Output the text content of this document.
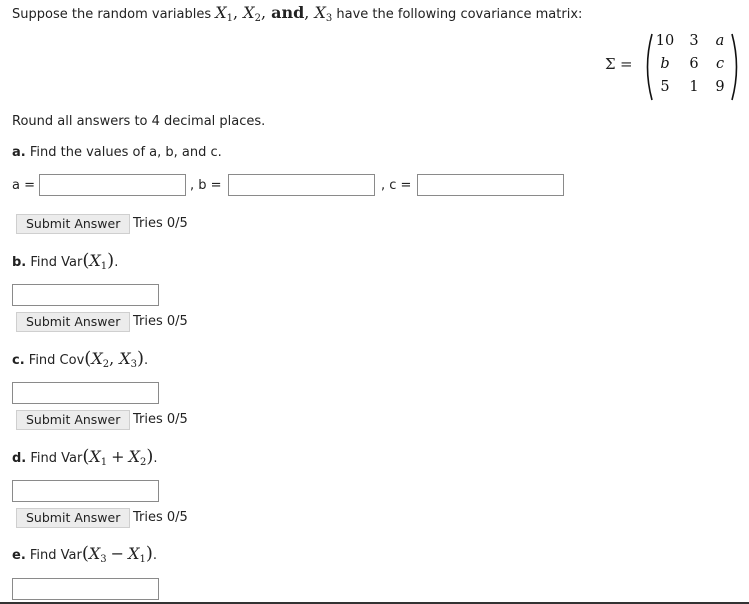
Suppose the random variables $X_1$, $X_2$, and, $X_3$ have the following covariance matrix:
Σ =
10	3	a
b	6	c
5	1	9
Round all answers to 4 decimal places.
a. Find the values of a, b, and c.
a =	, b =	, c =
Submit Answer Tries 0/5
b. Find $Var(X_1)$.
Submit Answer Tries 0/5
c. Find $Cov(X_2$, $X_3$).
Submit Answer Tries 0/5
d. Find $Var(X_1 + X_2)$.
Submit Answer Tries 0/5
e. Find $Var(X_3 - X_1)$.
